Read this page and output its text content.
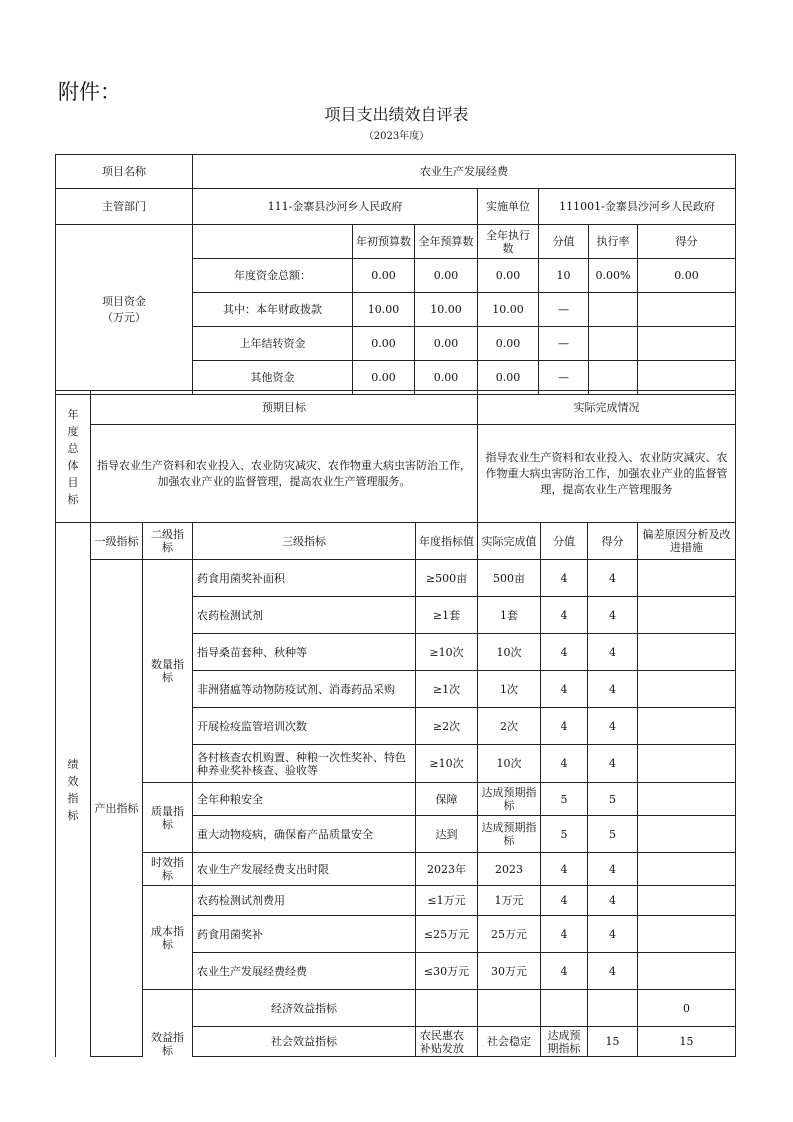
附件：
项目支出绩效自评表
（2023年度）
项目名称	农业生产发展经费						
主管部门	111-金寨县沙河乡人民政府			实施单位	111001-金寨县沙河乡人民政府		
项目资金
（万元）		年初预算数	全年预算数	全年执行数	分值	执行率	得分
	年度资金总额：	0.00	0.00	0.00	10	0.00%	0.00
	其中：本年财政拨款	10.00	10.00	10.00	—		
	上年结转资金	0.00	0.00	0.00	—		
	其他资金	0.00	0.00	0.00	—		
年度总体目标	预期目标	实际完成情况
	指导农业生产资料和农业投入、农业防灾减灾、农作物重大病虫害防治工作，加强农业产业的监督管理，提高农业生产管理服务。	指导农业生产资料和农业投入、农业防灾减灾、农作物重大病虫害防治工作，加强农业产业的监督管理，提高农业生产管理服务
绩效指标	一级指标	二级指标	三级指标	年度指标值	实际完成值	分值	得分	偏差原因分析及改进措施	
	产出指标	数量指标	药食用菌奖补面积	≥500亩	500亩	4	4		
			农药检测试剂	≥1套	1套	4	4		
			指导桑苗套种、秋种等	≥10次	10次	4	4		
			非洲猪瘟等动物防疫试剂、消毒药品采购	≥1次	1次	4	4		
			开展检疫监管培训次数	≥2次	2次	4	4		
			各村核查农机购置、种粮一次性奖补、特色种养业奖补核查、验收等	≥10次	10次	4	4		
		质量指标	全年种粮安全	保障	达成预期指标	5	5		
			重大动物疫病，确保畜产品质量安全	达到	达成预期指标	5	5		
		时效指标	农业生产发展经费支出时限	2023年	2023	4	4		
		成本指标	农药检测试剂费用	≤1万元	1万元	4	4		
			药食用菌奖补	≤25万元	25万元	4	4		
			农业生产发展经费经费	≤30万元	30万元	4	4		
		效益指标	经济效益指标					0	
			社会效益指标	农民惠农补贴发放	社会稳定	达成预期指标	15	15	
